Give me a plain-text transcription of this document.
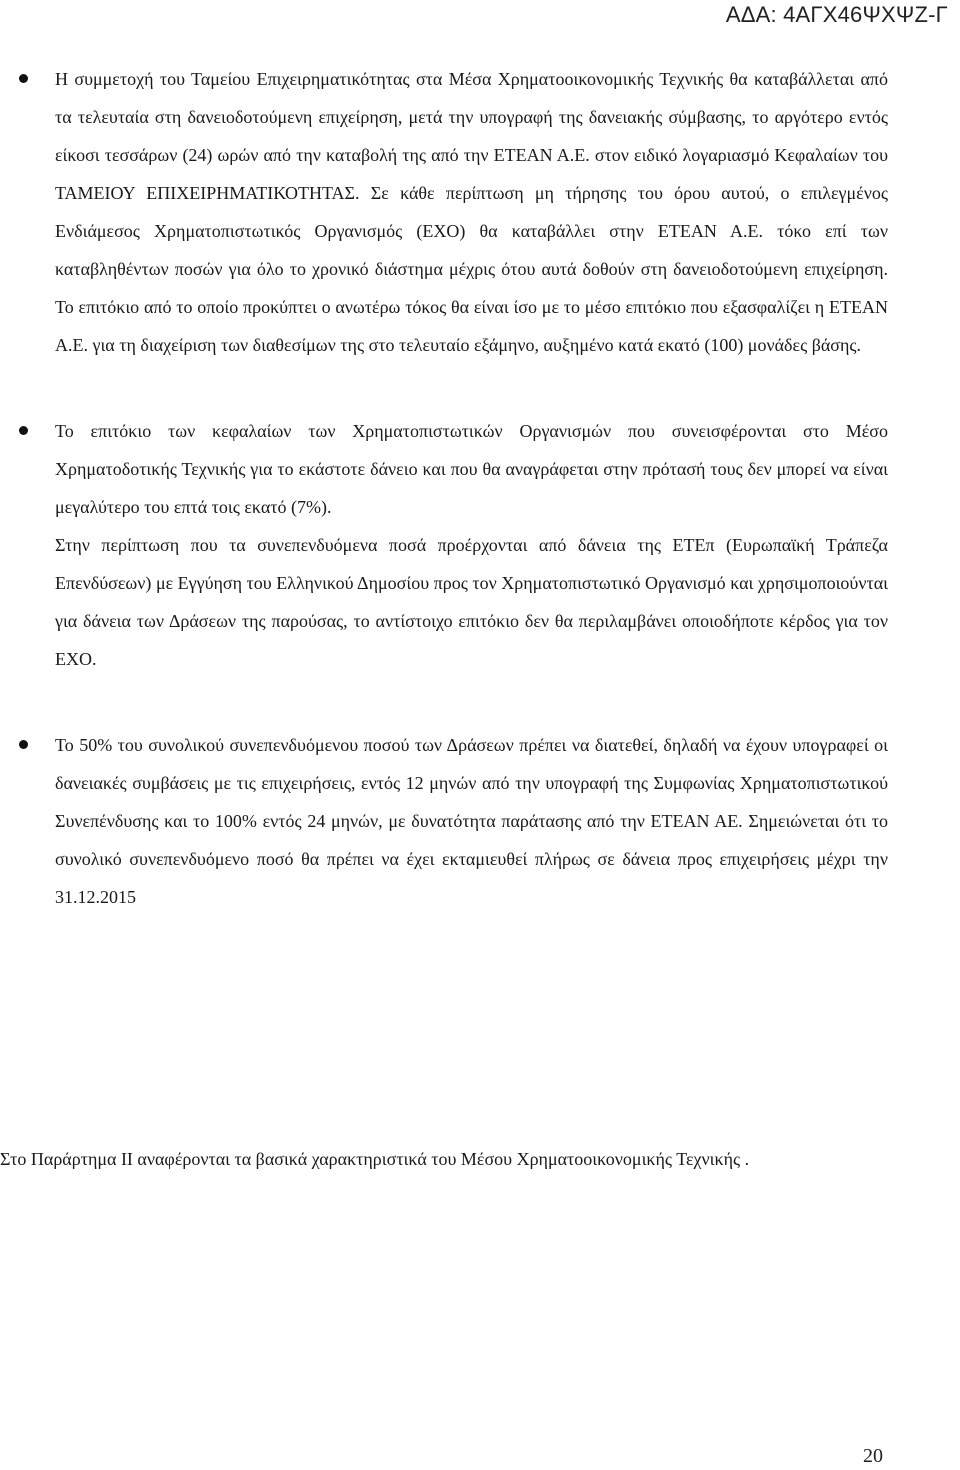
ΑΔΑ: 4ΑΓΧ46ΨΧΨΖ-Γ

Η συμμετοχή του Ταμείου Επιχειρηματικότητας στα Μέσα Χρηματοοικονομικής Τεχνικής θα καταβάλλεται από τα τελευταία στη δανειοδοτούμενη επιχείρηση, μετά την υπογραφή της δανειακής σύμβασης, το αργότερο εντός είκοσι τεσσάρων (24) ωρών από την καταβολή της από την ΕΤΕΑΝ Α.Ε. στον ειδικό λογαριασμό Κεφαλαίων του ΤΑΜΕΙΟΥ ΕΠΙΧΕΙΡΗΜΑΤΙΚΟΤΗΤΑΣ. Σε κάθε περίπτωση μη τήρησης του όρου αυτού, ο επιλεγμένος Ενδιάμεσος Χρηματοπιστωτικός Οργανισμός (ΕΧΟ) θα καταβάλλει στην ΕΤΕΑΝ Α.Ε. τόκο επί των καταβληθέντων ποσών για όλο το χρονικό διάστημα μέχρις ότου αυτά δοθούν στη δανειοδοτούμενη επιχείρηση. Το επιτόκιο από το οποίο προκύπτει ο ανωτέρω τόκος θα είναι ίσο με το μέσο επιτόκιο που εξασφαλίζει η ΕΤΕΑΝ Α.Ε. για τη διαχείριση των διαθεσίμων της στο τελευταίο εξάμηνο, αυξημένο κατά εκατό (100) μονάδες βάσης.

Το επιτόκιο των κεφαλαίων των Χρηματοπιστωτικών Οργανισμών που συνεισφέρονται στο Μέσο Χρηματοδοτικής Τεχνικής για το εκάστοτε δάνειο και που θα αναγράφεται στην πρότασή τους δεν μπορεί να είναι μεγαλύτερο του επτά τοις εκατό (7%).

Στην περίπτωση που τα συνεπενδυόμενα ποσά προέρχονται από δάνεια της ΕΤΕπ (Ευρωπαϊκή Τράπεζα Επενδύσεων) με Εγγύηση του Ελληνικού Δημοσίου προς τον Χρηματοπιστωτικό Οργανισμό και χρησιμοποιούνται για δάνεια των Δράσεων της παρούσας, το αντίστοιχο επιτόκιο δεν θα περιλαμβάνει οποιοδήποτε κέρδος για τον ΕΧΟ.

Το 50% του συνολικού συνεπενδυόμενου ποσού των Δράσεων πρέπει να διατεθεί, δηλαδή να έχουν υπογραφεί οι δανειακές συμβάσεις με τις επιχειρήσεις, εντός 12 μηνών από την υπογραφή της Συμφωνίας Χρηματοπιστωτικού Συνεπένδυσης και το 100% εντός 24 μηνών, με δυνατότητα παράτασης από την ΕΤΕΑΝ ΑΕ. Σημειώνεται ότι το συνολικό συνεπενδυόμενο ποσό θα πρέπει να έχει εκταμιευθεί πλήρως σε δάνεια προς επιχειρήσεις μέχρι την 31.12.2015

Στο Παράρτημα ΙΙ αναφέρονται τα βασικά χαρακτηριστικά του Μέσου Χρηματοοικονομικής Τεχνικής .

20
